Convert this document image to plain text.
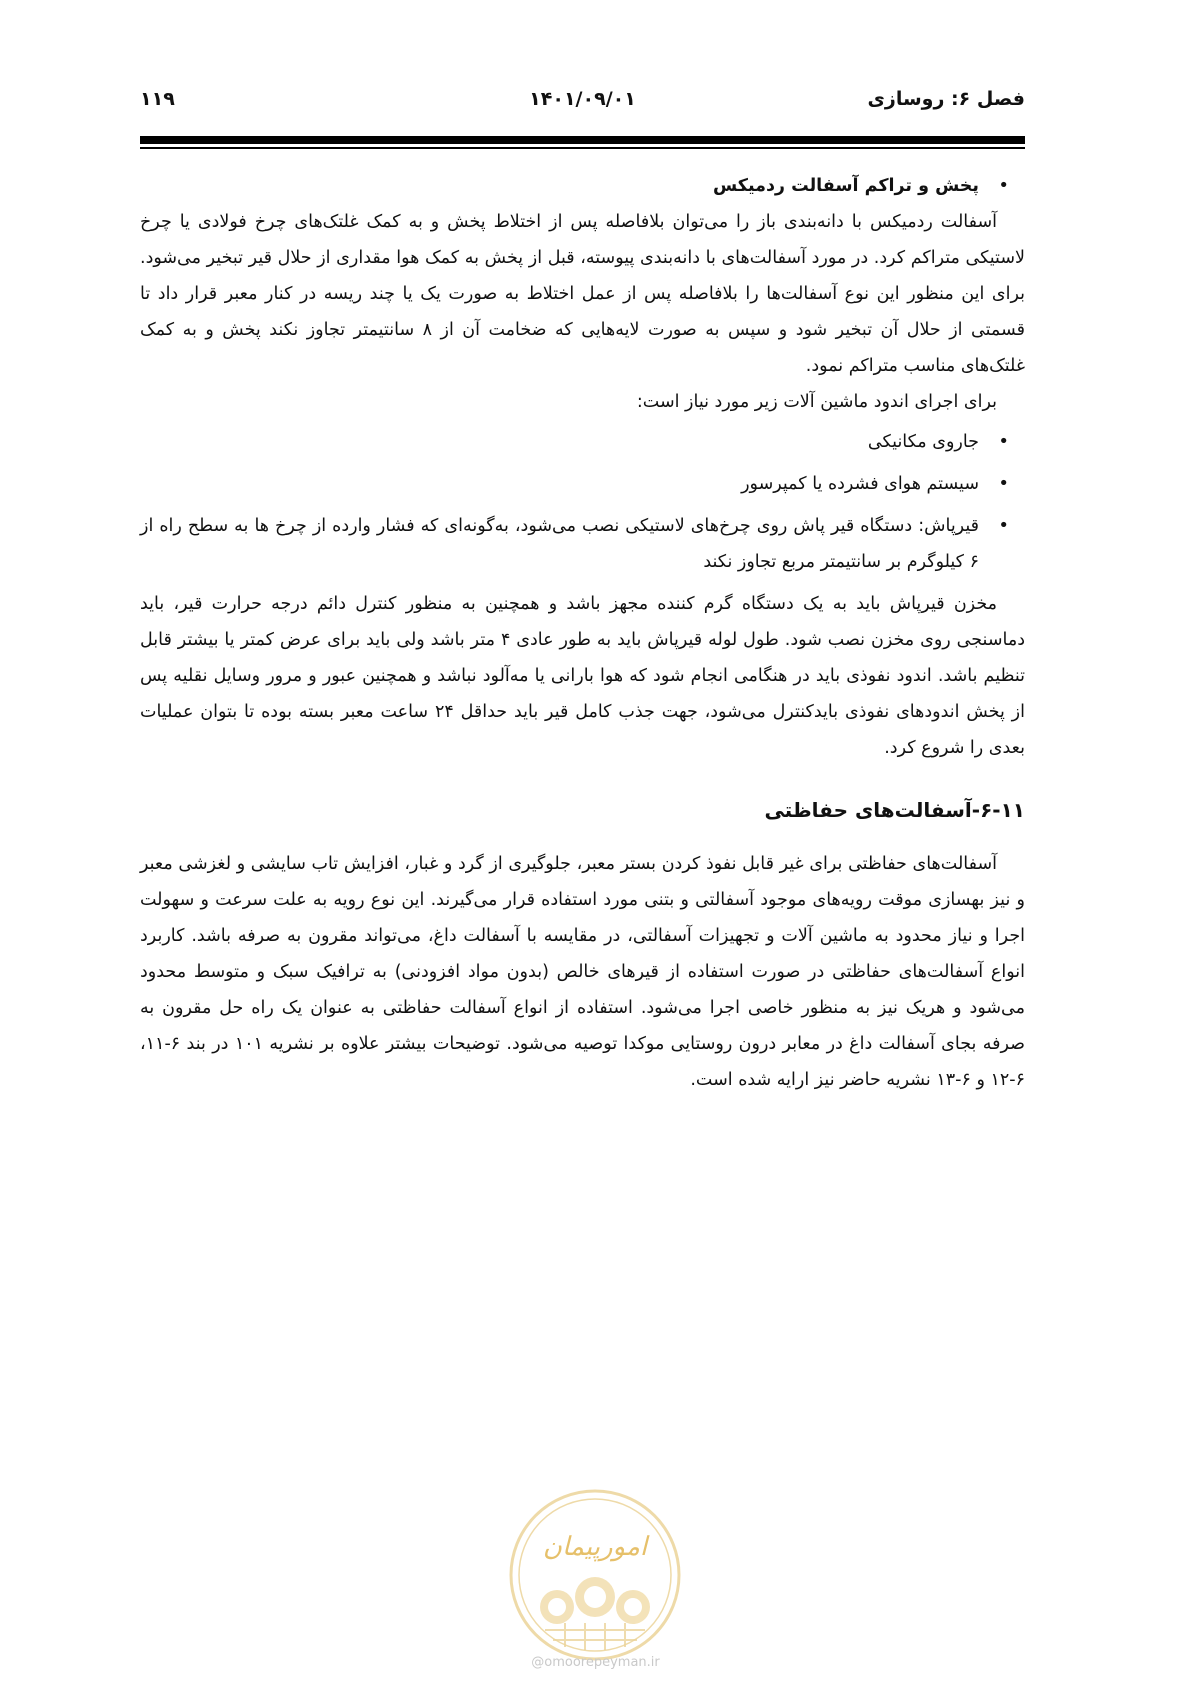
فصل ۶: روسازی
۱۴۰۱/۰۹/۰۱
۱۱۹

• پخش و تراکم آسفالت ردمیکس

آسفالت ردمیکس با دانه‌بندی باز را می‌توان بلافاصله پس از اختلاط پخش و به کمک غلتک‌های چرخ فولادی یا چرخ لاستیکی متراکم کرد. در مورد آسفالت‌های با دانه‌بندی پیوسته، قبل از پخش به کمک هوا مقداری از حلال قیر تبخیر می‌شود. برای این منظور این نوع آسفالت‌ها را بلافاصله پس از عمل اختلاط به صورت یک یا چند ریسه در کنار معبر قرار داد تا قسمتی از حلال آن تبخیر شود و سپس به صورت لایه‌هایی که ضخامت آن از ۸ سانتیمتر تجاوز نکند پخش و به کمک غلتک‌های مناسب متراکم نمود.

برای اجرای اندود ماشین آلات زیر مورد نیاز است:

• جاروی مکانیکی

• سیستم هوای فشرده یا کمپرسور

• قیرپاش: دستگاه قیر پاش روی چرخ‌های لاستیکی نصب می‌شود، به‌گونه‌ای که فشار وارده از چرخ ها به سطح راه از ۶ کیلوگرم بر سانتیمتر مربع تجاوز نکند

مخزن قیرپاش باید به یک دستگاه گرم کننده مجهز باشد و همچنین به منظور کنترل دائم درجه حرارت قیر، باید دماسنجی روی مخزن نصب شود. طول لوله قیرپاش باید به طور عادی ۴ متر باشد ولی باید برای عرض کمتر یا بیشتر قابل تنظیم باشد. اندود نفوذی باید در هنگامی انجام شود که هوا بارانی یا مه‌آلود نباشد و همچنین عبور و مرور وسایل نقلیه پس از پخش اندودهای نفوذی بایدکنترل می‌شود، جهت جذب کامل قیر باید حداقل ۲۴ ساعت معبر بسته بوده تا بتوان عملیات بعدی را شروع کرد.

۶-۱۱-آسفالت‌های حفاظتی

آسفالت‌های حفاظتی برای غیر قابل نفوذ کردن بستر معبر، جلوگیری از گرد و غبار، افزایش تاب سایشی و لغزشی معبر و نیز بهسازی موقت رویه‌های موجود آسفالتی و بتنی مورد استفاده قرار می‌گیرند. این نوع رویه به علت سرعت و سهولت اجرا و نیاز محدود به ماشین آلات و تجهیزات آسفالتی، در مقایسه با آسفالت داغ، می‌تواند مقرون به صرفه باشد. کاربرد انواع آسفالت‌های حفاظتی در صورت استفاده از قیرهای خالص (بدون مواد افزودنی) به ترافیک سبک و متوسط محدود می‌شود و هریک نیز به منظور خاصی اجرا می‌شود. استفاده از انواع آسفالت حفاظتی به عنوان یک راه حل مقرون به صرفه بجای آسفالت داغ در معابر درون روستایی موکدا توصیه می‌شود. توضیحات بیشتر علاوه بر نشریه ۱۰۱ در بند ۶-۱۱، ۶-۱۲ و ۶-۱۳ نشریه حاضر نیز ارایه شده است.

امورپیمان
@omoorepeyman.ir
